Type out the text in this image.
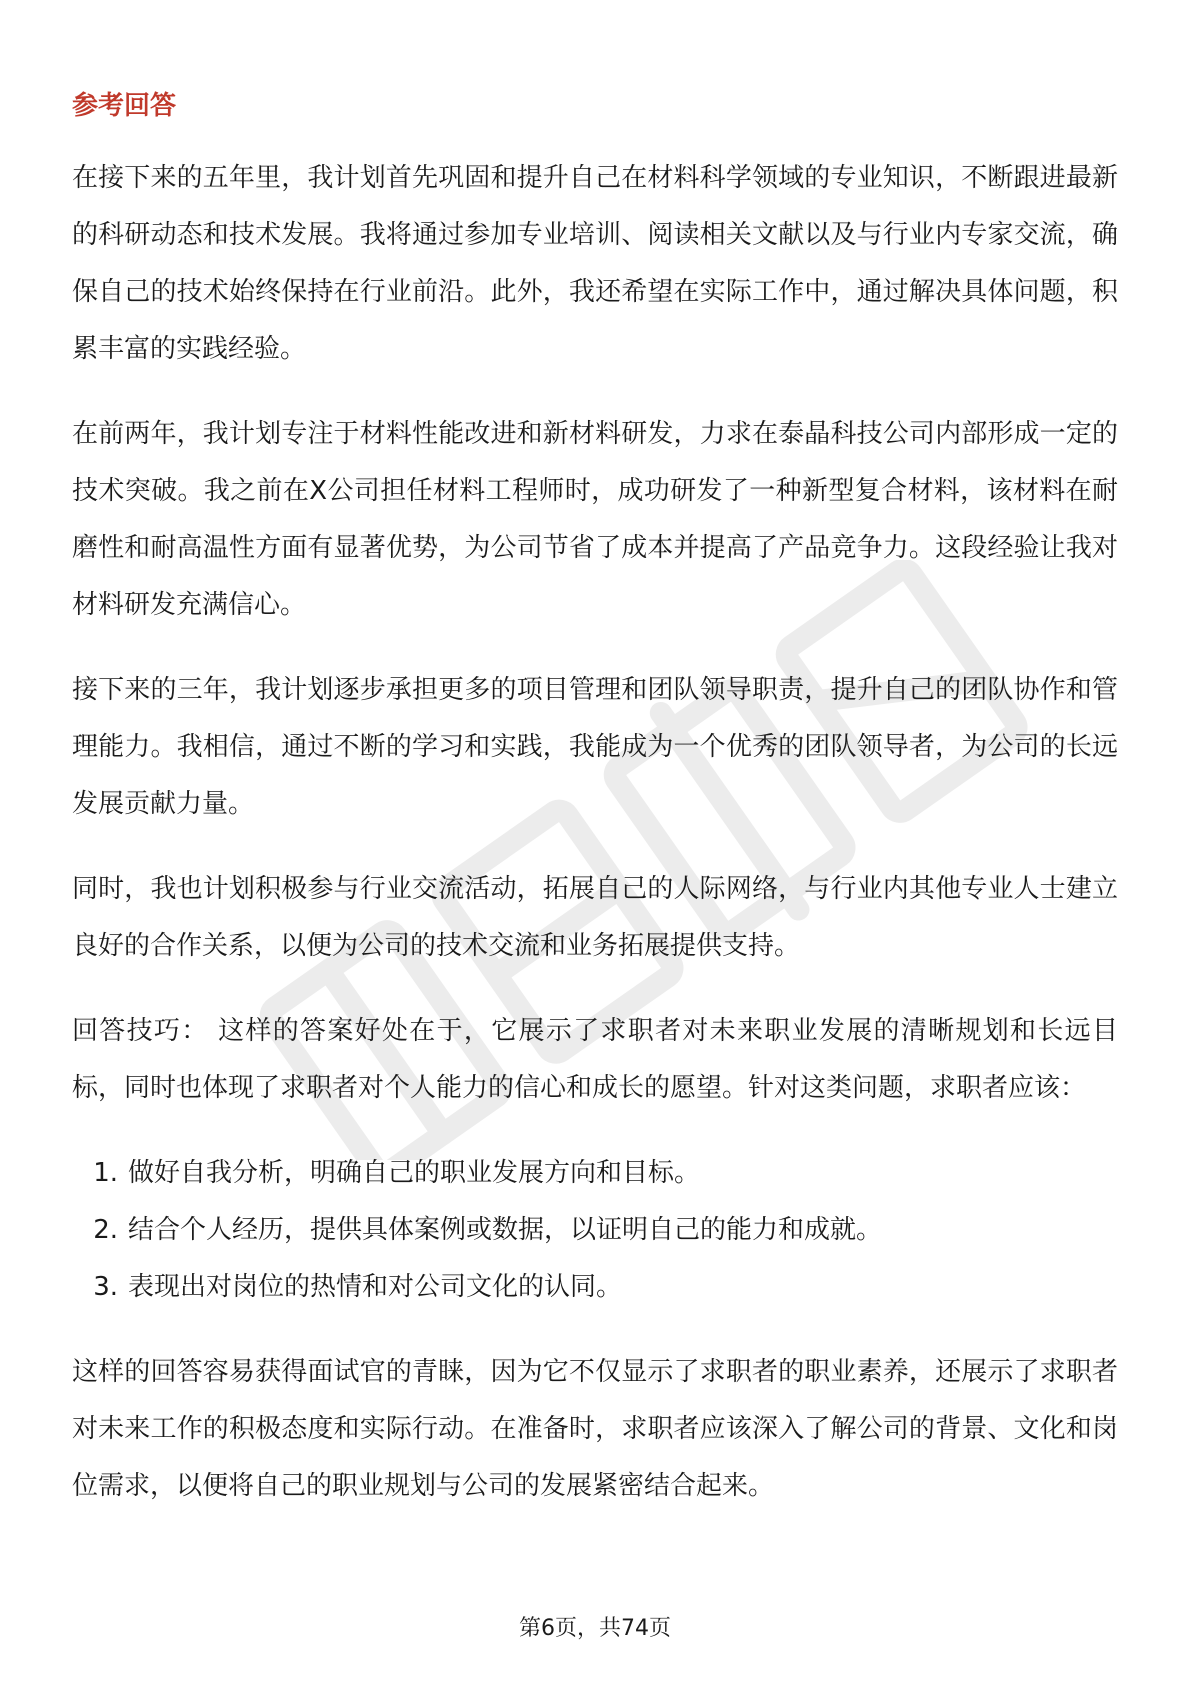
参考回答

在接下来的五年里，我计划首先巩固和提升自己在材料科学领域的专业知识，不断跟进最新的科研动态和技术发展。我将通过参加专业培训、阅读相关文献以及与行业内专家交流，确保自己的技术始终保持在行业前沿。此外，我还希望在实际工作中，通过解决具体问题，积累丰富的实践经验。

在前两年，我计划专注于材料性能改进和新材料研发，力求在泰晶科技公司内部形成一定的技术突破。我之前在X公司担任材料工程师时，成功研发了一种新型复合材料，该材料在耐磨性和耐高温性方面有显著优势，为公司节省了成本并提高了产品竞争力。这段经验让我对材料研发充满信心。

接下来的三年，我计划逐步承担更多的项目管理和团队领导职责，提升自己的团队协作和管理能力。我相信，通过不断的学习和实践，我能成为一个优秀的团队领导者，为公司的长远发展贡献力量。

同时，我也计划积极参与行业交流活动，拓展自己的人际网络，与行业内其他专业人士建立良好的合作关系，以便为公司的技术交流和业务拓展提供支持。

回答技巧： 这样的答案好处在于，它展示了求职者对未来职业发展的清晰规划和长远目标，同时也体现了求职者对个人能力的信心和成长的愿望。针对这类问题，求职者应该：

1. 做好自我分析，明确自己的职业发展方向和目标。
2. 结合个人经历，提供具体案例或数据，以证明自己的能力和成就。
3. 表现出对岗位的热情和对公司文化的认同。

这样的回答容易获得面试官的青睐，因为它不仅显示了求职者的职业素养，还展示了求职者对未来工作的积极态度和实际行动。在准备时，求职者应该深入了解公司的背景、文化和岗位需求，以便将自己的职业规划与公司的发展紧密结合起来。

第6页，共74页
